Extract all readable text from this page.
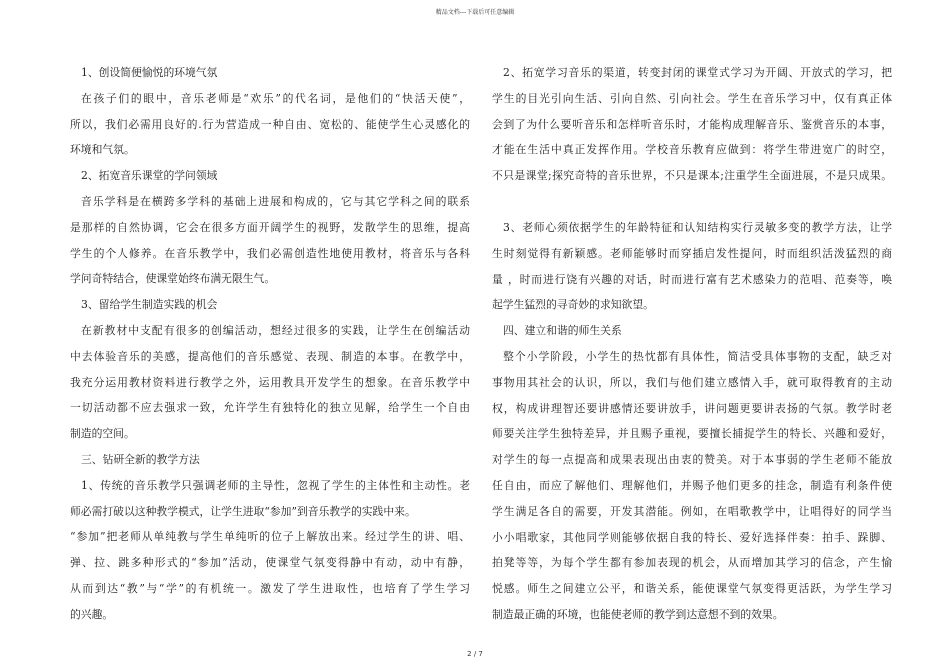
精品文档---下载后可任意编辑
1、创设简便愉悦的环境气氛
在孩子们的眼中，音乐老师是“欢乐”的代名词，是他们的“快活天使”，
所以，我们必需用良好的.行为营造成一种自由、宽松的、能使学生心灵感化的
环境和气氛。
2、拓宽音乐课堂的学问领域
音乐学科是在横跨多学科的基础上进展和构成的，它与其它学科之间的联系
是那样的自然协调，它会在很多方面开阔学生的视野，发散学生的思维，提高
学生的个人修养。在音乐教学中，我们必需创造性地使用教材，将音乐与各科
学问奇特结合，使课堂始终布满无限生气。
3、留给学生制造实践的机会
在新教材中支配有很多的创编活动，想经过很多的实践，让学生在创编活动
中去体验音乐的美感，提高他们的音乐感觉、表现、制造的本事。在教学中，
我充分运用教材资料进行教学之外，运用教具开发学生的想象。在音乐教学中
一切活动都不应去强求一致，允许学生有独特化的独立见解，给学生一个自由
制造的空间。
三、钻研全新的教学方法
1、传统的音乐教学只强调老师的主导性，忽视了学生的主体性和主动性。老
师必需打破以这种教学模式，让学生进取“参加”到音乐教学的实践中来。
“参加”把老师从单纯教与学生单纯听的位子上解放出来。经过学生的讲、唱、
弹、拉、跳多种形式的“参加”活动，使课堂气氛变得静中有动，动中有静，
从而到达“教”与“学”的有机统一。激发了学生进取性，也培育了学生学习
的兴趣。
2、拓宽学习音乐的渠道，转变封闭的课堂式学习为开阔、开放式的学习，把
学生的目光引向生活、引向自然、引向社会。学生在音乐学习中，仅有真正体
会到了为什么要听音乐和怎样听音乐时，才能构成理解音乐、鉴赏音乐的本事，
才能在生活中真正发挥作用。学校音乐教育应做到：将学生带进宽广的时空，
不只是课堂;探究奇特的音乐世界，不只是课本;注重学生全面进展，不是只成果。
3、老师心须依据学生的年龄特征和认知结构实行灵敏多变的教学方法，让学
生时刻觉得有新颖感。老师能够时而穿插启发性提问，时而组织活泼猛烈的商
量 ，时而进行饶有兴趣的对话，时而进行富有艺术感染力的范唱、范奏等，唤
起学生猛烈的寻奇妙的求知欲望。
四、建立和谐的师生关系
整个小学阶段，小学生的热忱都有具体性，简洁受具体事物的支配，缺乏对
事物用其社会的认识，所以，我们与他们建立感情入手，就可取得教育的主动
权，构成讲理智还要讲感情还要讲放手，讲问题更要讲表扬的气氛。教学时老
师要关注学生独特差异，并且赐予重视，要擅长捕捉学生的特长、兴趣和爱好，
对学生的每一点提高和成果表现出由衷的赞美。对于本事弱的学生老师不能放
任自由，而应了解他们、理解他们，并赐予他们更多的挂念，制造有利条件使
学生满足各自的需要，开发其潜能。例如，在唱歌教学中，让唱得好的同学当
小小唱歌家，其他同学则能够依据自我的特长、爱好选择伴奏：拍手、跺脚、
拍凳等等，为每个学生都有参加表现的机会，从而增加其学习的信念，产生愉
悦感。师生之间建立公平，和谐关系，能使课堂气氛变得更活跃，为学生学习
制造最正确的环境，也能使老师的教学到达意想不到的效果。
2 / 7
